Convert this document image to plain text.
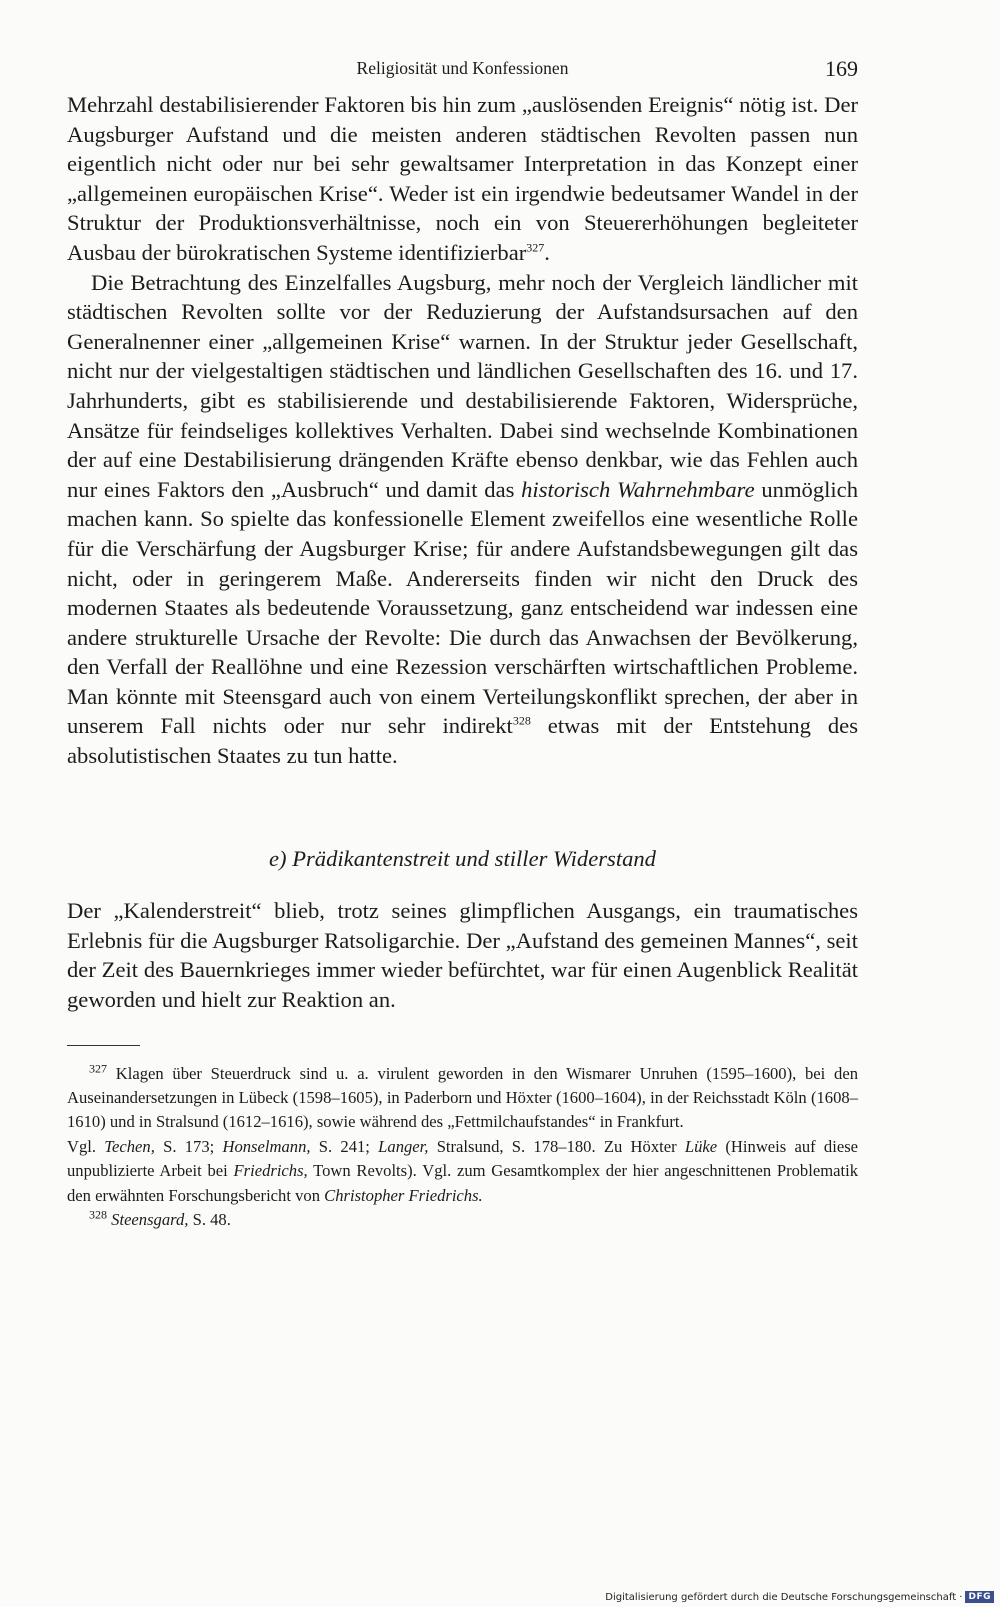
Religiosität und Konfessionen	169

Mehrzahl destabilisierender Faktoren bis hin zum „auslösenden Ereignis“ nötig ist. Der Augsburger Aufstand und die meisten anderen städtischen Revolten passen nun eigentlich nicht oder nur bei sehr gewaltsamer Interpretation in das Konzept einer „allgemeinen europäischen Krise“. Weder ist ein irgendwie bedeutsamer Wandel in der Struktur der Produktionsverhältnisse, noch ein von Steuererhöhungen begleiteter Ausbau der bürokratischen Systeme identifizierbar$^{327}$.

Die Betrachtung des Einzelfalles Augsburg, mehr noch der Vergleich ländlicher mit städtischen Revolten sollte vor der Reduzierung der Aufstandsursachen auf den Generalnenner einer „allgemeinen Krise“ warnen. In der Struktur jeder Gesellschaft, nicht nur der vielgestaltigen städtischen und ländlichen Gesellschaften des 16. und 17. Jahrhunderts, gibt es stabilisierende und destabilisierende Faktoren, Widersprüche, Ansätze für feindseliges kollektives Verhalten. Dabei sind wechselnde Kombinationen der auf eine Destabilisierung drängenden Kräfte ebenso denkbar, wie das Fehlen auch nur eines Faktors den „Ausbruch“ und damit das historisch Wahrnehmbare unmöglich machen kann. So spielte das konfessionelle Element zweifellos eine wesentliche Rolle für die Verschärfung der Augsburger Krise; für andere Aufstandsbewegungen gilt das nicht, oder in geringerem Maße. Andererseits finden wir nicht den Druck des modernen Staates als bedeutende Voraussetzung, ganz entscheidend war indessen eine andere strukturelle Ursache der Revolte: Die durch das Anwachsen der Bevölkerung, den Verfall der Reallöhne und eine Rezession verschärften wirtschaftlichen Probleme. Man könnte mit Steensgard auch von einem Verteilungskonflikt sprechen, der aber in unserem Fall nichts oder nur sehr indirekt$^{328}$ etwas mit der Entstehung des absolutistischen Staates zu tun hatte.

e) Prädikantenstreit und stiller Widerstand

Der „Kalenderstreit“ blieb, trotz seines glimpflichen Ausgangs, ein traumatisches Erlebnis für die Augsburger Ratsoligarchie. Der „Aufstand des gemeinen Mannes“, seit der Zeit des Bauernkrieges immer wieder befürchtet, war für einen Augenblick Realität geworden und hielt zur Reaktion an.

$^{327}$ Klagen über Steuerdruck sind u. a. virulent geworden in den Wismarer Unruhen (1595–1600), bei den Auseinandersetzungen in Lübeck (1598–1605), in Paderborn und Höxter (1600–1604), in der Reichsstadt Köln (1608–1610) und in Stralsund (1612–1616), sowie während des „Fettmilchaufstandes“ in Frankfurt.

Vgl. Techen, S. 173; Honselmann, S. 241; Langer, Stralsund, S. 178–180. Zu Höxter Lüke (Hinweis auf diese unpublizierte Arbeit bei Friedrichs, Town Revolts). Vgl. zum Gesamtkomplex der hier angeschnittenen Problematik den erwähnten Forschungsbericht von Christopher Friedrichs.

$^{328}$ Steensgard, S. 48.

Digitalisierung gefördert durch die Deutsche Forschungsgemeinschaft · DFG
